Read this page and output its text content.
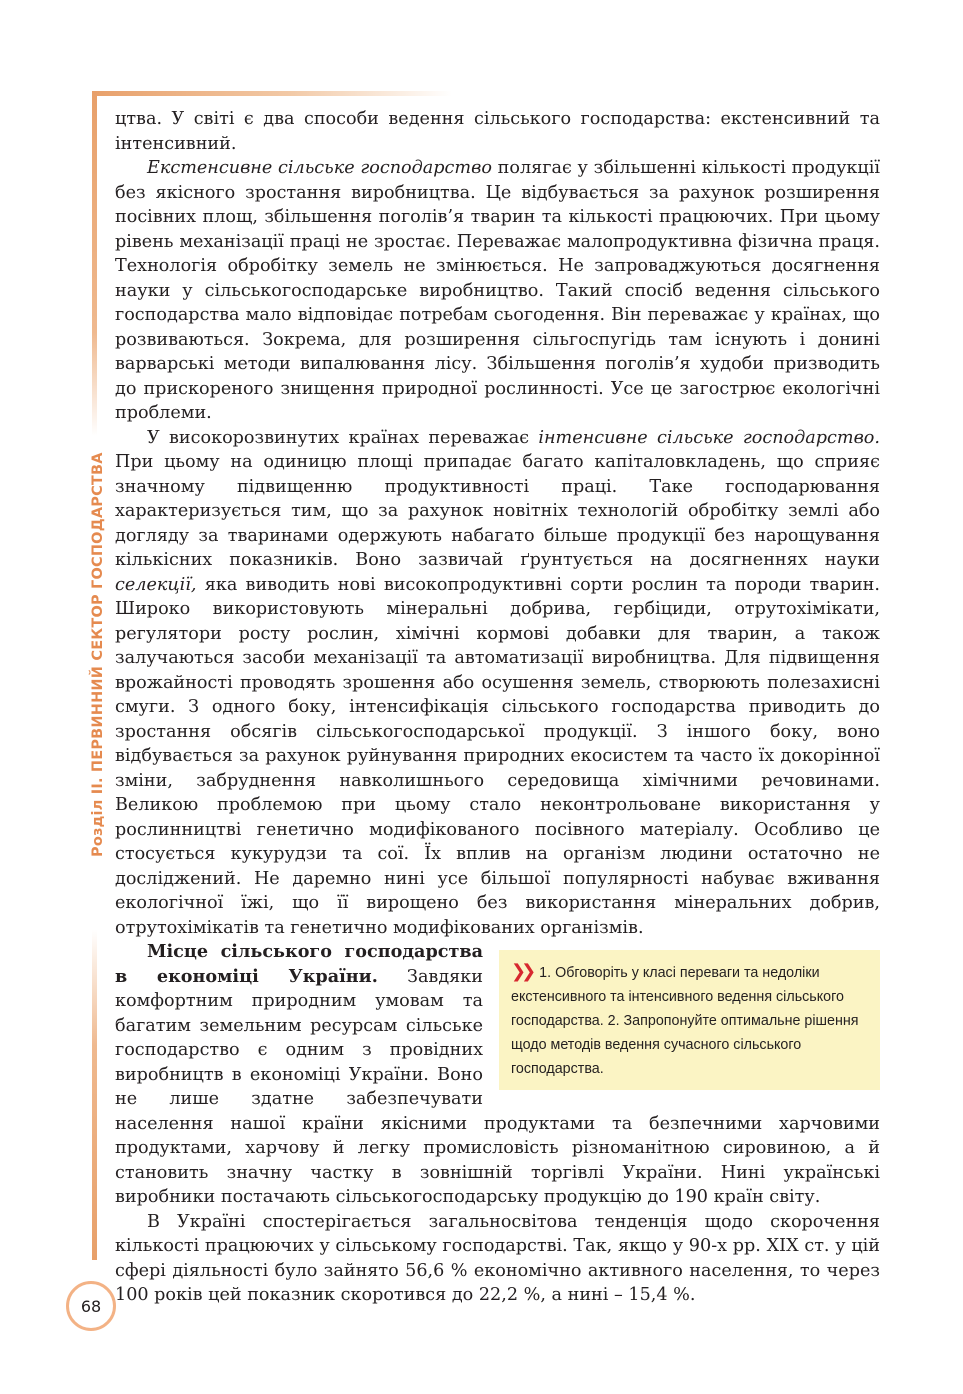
Розділ ІІ. ПЕРВИННИЙ СЕКТОР ГОСПОДАРСТВА
68

цтва. У світі є два способи ведення сільського господарства: екстенсивний та інтенсивний.

Екстенсивне сільське господарство полягає у збільшенні кількості продукції без якісного зростання виробництва. Це відбувається за рахунок розширення посівних площ, збільшення поголів’я тварин та кількості працюючих. При цьому рівень механізації праці не зростає. Переважає малопродуктивна фізична праця. Технологія обробітку земель не змінюється. Не запроваджуються досягнення науки у сільськогосподарське виробництво. Такий спосіб ведення сільського господарства мало відповідає потребам сьогодення. Він переважає у країнах, що розвиваються. Зокрема, для розширення сільгоспугідь там існують і донині варварські методи випалювання лісу. Збільшення поголів’я худоби призводить до прискореного знищення природної рослинності. Усе це загострює екологічні проблеми.

У високорозвинутих країнах переважає інтенсивне сільське господарство. При цьому на одиницю площі припадає багато капіталовкладень, що сприяє значному підвищенню продуктивності праці. Таке господарювання характеризується тим, що за рахунок новітніх технологій обробітку землі або догляду за тваринами одержують набагато більше продукції без нарощування кількісних показників. Воно зазвичай ґрунтується на досягненнях науки селекції, яка виводить нові високопродуктивні сорти рослин та породи тварин. Широко використовують мінеральні добрива, гербіциди, отрутохімікати, регулятори росту рослин, хімічні кормові добавки для тварин, а також залучаються засоби механізації та автоматизації виробництва. Для підвищення врожайності проводять зрошення або осушення земель, створюють полезахисні смуги. З одного боку, інтенсифікація сільського господарства приводить до зростання обсягів сільськогосподарської продукції. З іншого боку, воно відбувається за рахунок руйнування природних екосистем та часто їх докорінної зміни, забруднення навколишнього середовища хімічними речовинами. Великою проблемою при цьому стало неконтрольоване використання у рослинництві генетично модифікованого посівного матеріалу. Особливо це стосується кукурудзи та сої. Їх вплив на організм людини остаточно не досліджений. Не даремно нині усе більшої популярності набуває вживання екологічної їжі, що її вирощено без використання мінеральних добрив, отрутохімікатів та генетично модифікованих організмів.
❯❯ 1. Обговоріть у класі переваги та недоліки екстенсивного та інтенсивного ведення сільського господарства. 2. Запропонуйте оптимальне рішення щодо методів ведення сучасного сільського господарства.

Місце сільського господарства в економіці України. Завдяки комфортним природним умовам та багатим земельним ресурсам сільське господарство є одним з провідних виробництв в економіці України. Воно не лише здатне забезпечувати населення нашої країни якісними продуктами та безпечними харчовими продуктами, харчову й легку промисловість різноманітною сировиною, а й становить значну частку в зовнішній торгівлі України. Нині українські виробники постачають сільськогосподарську продукцію до 190 країн світу.

В Україні спостерігається загальносвітова тенденція щодо скорочення кількості працюючих у сільському господарстві. Так, якщо у 90-х рр. XIX ст. у цій сфері діяльності було зайнято 56,6 % економічно активного населення, то через 100 років цей показник скоротився до 22,2 %, а нині – 15,4 %.
